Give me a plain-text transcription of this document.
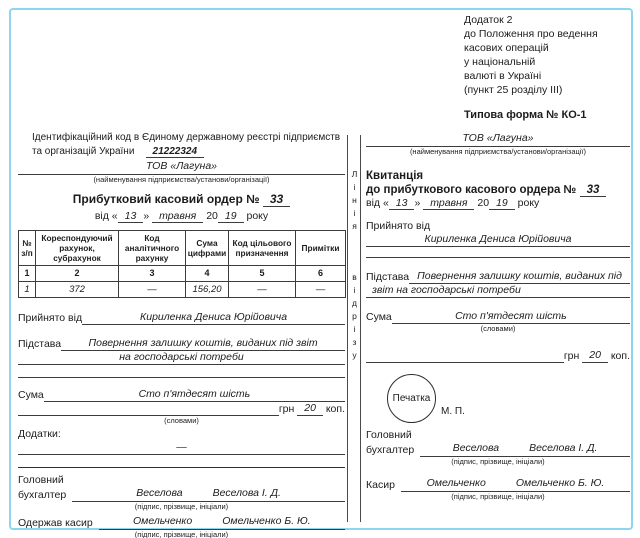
Додаток 2
до Положення про ведення
касових операцій
у національній
валюті в Україні
(пункт 25 розділу III)
Типова форма № КО-1
Ідентифікаційний код в Єдиному державному реєстрі підприємств
та організацій України 21222324
ТОВ «Лагуна»
(найменування підприємства/установи/організації)
Прибутковий касовий ордер № 33
від « 13 » травня 20 19 року
№ з/п	Кореспондуючий рахунок, субрахунок	Код аналітичного рахунку	Сума цифрами	Код цільового призначення	Примітки
1	2	3	4	5	6
1	372	—	156,20	—	—
Прийнято від	Кириленка Дениса Юрійовича
Підстава	Повернення залишку коштів, виданих під звіт
на господарські потреби
Сума	Сто п'ятдесят шість
грн
20
коп.
(словами)
Додатки:
—
Головний
бухгалтер	Веселова	Веселова І. Д.
(підпис, прізвище, ініціали)
Одержав касир	Омельченко	Омельченко Б. Ю.
(підпис, прізвище, ініціали)
Лінія
відрізу
ТОВ «Лагуна»
(найменування підприємства/установи/організації)
Квитанція
до прибуткового касового ордера № 33
від « 13 » травня 20 19 року
Прийнято від
Кириленка Дениса Юрійовича
Підстава Повернення залишку коштів, виданих під
звіт на господарські потреби
Сума	Сто п'ятдесят шість
(словами)
грн
20
коп.
Печатка
М. П.
Головний
бухгалтер	Веселова	Веселова І. Д.
(підпис, прізвище, ініціали)
Касир	Омельченко	Омельченко Б. Ю.
(підпис, прізвище, ініціали)
